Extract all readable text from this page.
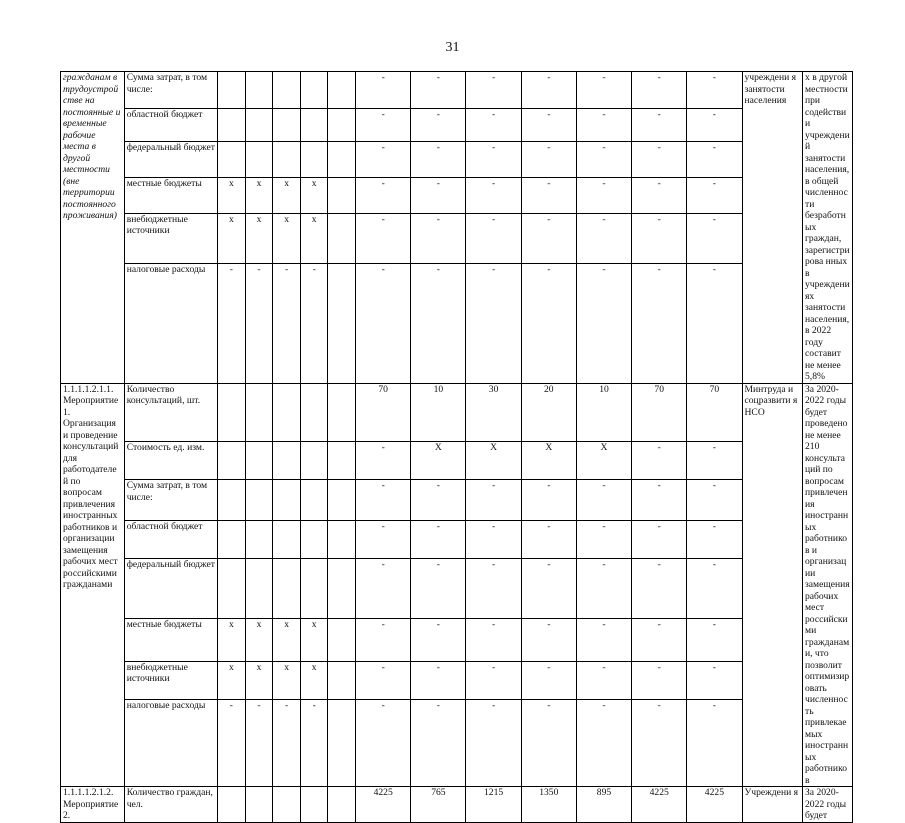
31
гражданам в трудоустройстве на постоянные и временные рабочие места в другой местности (вне территории постоянного проживания)	Сумма затрат, в том числе:						-	-	-	-	-	-	-	учреждени я занятости населения	х в другой местности при содействии учреждений занятости населения, в общей численности безработных граждан, зарегистрирова нных в учреждениях занятости населения, в 2022 году составит не менее 5,8%
	областной бюджет						-	-	-	-	-	-	-		
	федеральный бюджет						-	-	-	-	-	-	-		
	местные бюджеты	х	х	х	х		-	-	-	-	-	-	-		
	внебюджетные источники	х	х	х	х		-	-	-	-	-	-	-		
	налоговые расходы	-	-	-	-		-	-	-	-	-	-	-		
1.1.1.1.2.1.1. Мероприятие 1. Организация и проведение консультаций для работодателей по вопросам привлечения иностранных работников и организации замещения рабочих мест российскими гражданами	Количество консультаций, шт.						70	10	30	20	10	70	70	Минтруда и соцразвити я НСО	За 2020-2022 годы будет проведено не менее 210 консультаций по вопросам привлечения иностранных работников и организации замещения рабочих мест российскими гражданами, что позволит оптимизировать численность привлекаемых иностранных работников
	Стоимость ед. изм.						-	Х	Х	Х	Х	-	-		
	Сумма затрат, в том числе:						-	-	-	-	-	-	-		
	областной бюджет						-	-	-	-	-	-	-		
	федеральный бюджет						-	-	-	-	-	-	-		
	местные бюджеты	х	х	х	х		-	-	-	-	-	-	-		
	внебюджетные источники	х	х	х	х		-	-	-	-	-	-	-		
	налоговые расходы	-	-	-	-		-	-	-	-	-	-	-		
1.1.1.1.2.1.2. Мероприятие 2.	Количество граждан, чел.						4225	765	1215	1350	895	4225	4225	Учреждени я	За 2020-2022 годы будет
